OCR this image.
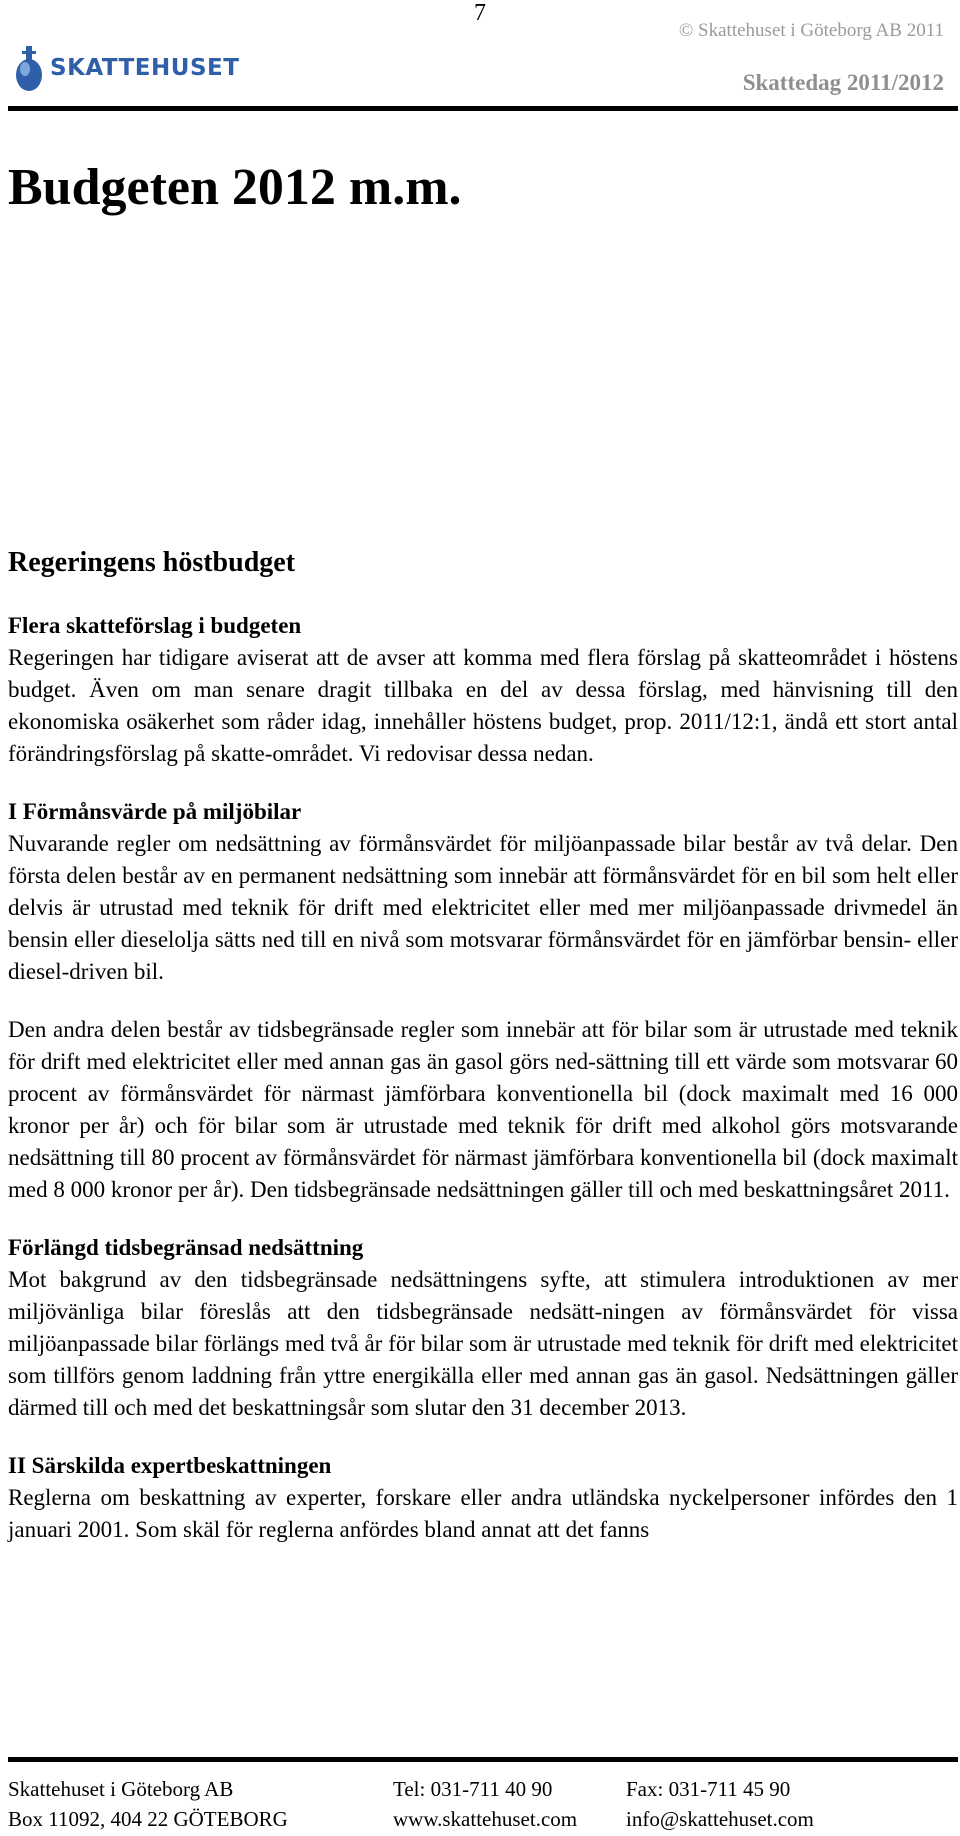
7
© Skattehuset i Göteborg AB 2011
SKATTEHUSET
Skattedag 2011/2012
Budgeten 2012 m.m.
Regeringens höstbudget
Flera skatteförslag i budgeten

Regeringen har tidigare aviserat att de avser att komma med flera förslag på skatteområdet i höstens budget. Även om man senare dragit tillbaka en del av dessa förslag, med hänvisning till den ekonomiska osäkerhet som råder idag, innehåller höstens budget, prop. 2011/12:1, ändå ett stort antal förändringsförslag på skatte-området. Vi redovisar dessa nedan.

I Förmånsvärde på miljöbilar

Nuvarande regler om nedsättning av förmånsvärdet för miljöanpassade bilar består av två delar. Den första delen består av en permanent nedsättning som innebär att förmånsvärdet för en bil som helt eller delvis är utrustad med teknik för drift med elektricitet eller med mer miljöanpassade drivmedel än bensin eller dieselolja sätts ned till en nivå som motsvarar förmånsvärdet för en jämförbar bensin- eller diesel-driven bil.

Den andra delen består av tidsbegränsade regler som innebär att för bilar som är utrustade med teknik för drift med elektricitet eller med annan gas än gasol görs ned-sättning till ett värde som motsvarar 60 procent av förmånsvärdet för närmast jämförbara konventionella bil (dock maximalt med 16 000 kronor per år) och för bilar som är utrustade med teknik för drift med alkohol görs motsvarande nedsättning till 80 procent av förmånsvärdet för närmast jämförbara konventionella bil (dock maximalt med 8 000 kronor per år). Den tidsbegränsade nedsättningen gäller till och med beskattningsåret 2011.

Förlängd tidsbegränsad nedsättning

Mot bakgrund av den tidsbegränsade nedsättningens syfte, att stimulera introduktionen av mer miljövänliga bilar föreslås att den tidsbegränsade nedsätt-ningen av förmånsvärdet för vissa miljöanpassade bilar förlängs med två år för bilar som är utrustade med teknik för drift med elektricitet som tillförs genom laddning från yttre energikälla eller med annan gas än gasol. Nedsättningen gäller därmed till och med det beskattningsår som slutar den 31 december 2013.

II Särskilda expertbeskattningen

Reglerna om beskattning av experter, forskare eller andra utländska nyckelpersoner infördes den 1 januari 2001. Som skäl för reglerna anfördes bland annat att det fanns

Skattehuset i Göteborg AB
Box 11092, 404 22 GÖTEBORG
Tel: 031-711 40 90
www.skattehuset.com
Fax: 031-711 45 90
info@skattehuset.com
